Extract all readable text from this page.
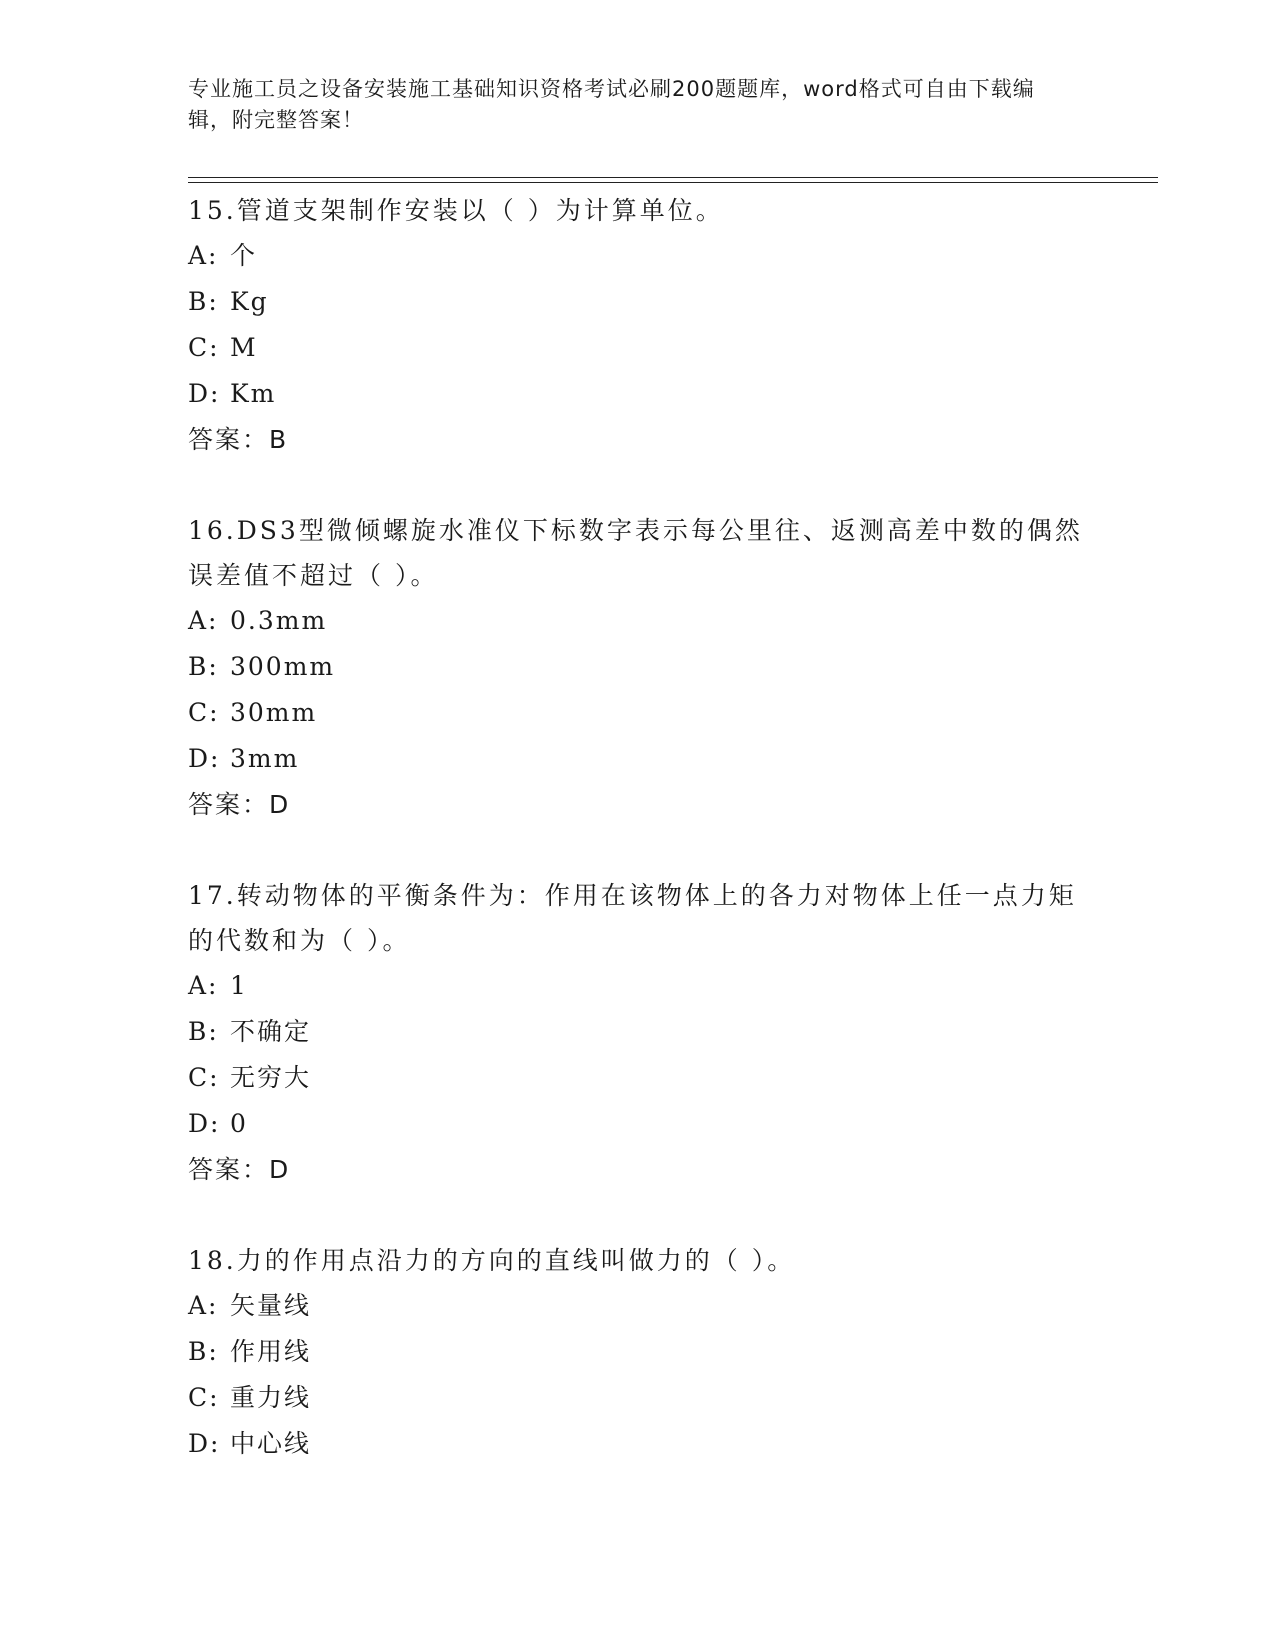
专业施工员之设备安装施工基础知识资格考试必刷200题题库，word格式可自由下载编辑，附完整答案！

15.管道支架制作安装以（ ）为计算单位。

A: 个

B: Kg

C: M

D: Km

答案：B

16.DS3型微倾螺旋水准仪下标数字表示每公里往、返测高差中数的偶然误差值不超过（ ）。

A: 0.3mm

B: 300mm

C: 30mm

D: 3mm

答案：D

17.转动物体的平衡条件为：作用在该物体上的各力对物体上任一点力矩的代数和为（ ）。

A: 1

B: 不确定

C: 无穷大

D: 0

答案：D

18.力的作用点沿力的方向的直线叫做力的（ ）。

A: 矢量线

B: 作用线

C: 重力线

D: 中心线
